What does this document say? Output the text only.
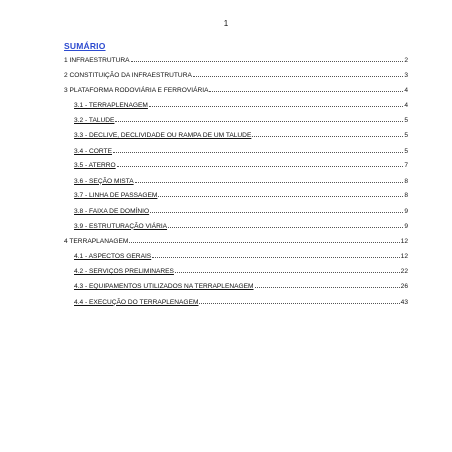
1
SUMÁRIO
1 INFRAESTRUTURA	2
2 CONSTITUIÇÃO DA INFRAESTRUTURA	3
3 PLATAFORMA RODOVIÁRIA E FERROVIÁRIA	4
3.1 - TERRAPLENAGEM	4
3.2 - TALUDE	5
3.3 - DECLIVE, DECLIVIDADE OU RAMPA DE UM TALUDE	5
3.4 - CORTE	5
3.5 - ATERRO	7
3.6 - SEÇÃO MISTA	8
3.7 - LINHA DE PASSAGEM	8
3.8 - FAIXA DE DOMÍNIO	9
3.9 - ESTRUTURAÇÃO VIÁRIA	9
4 TERRAPLANAGEM	12
4.1 - ASPECTOS GERAIS	12
4.2 - SERVIÇOS PRELIMINARES	22
4.3 - EQUIPAMENTOS UTILIZADOS NA TERRAPLENAGEM	26
4.4 - EXECUÇÃO DO TERRAPLENAGEM	43
